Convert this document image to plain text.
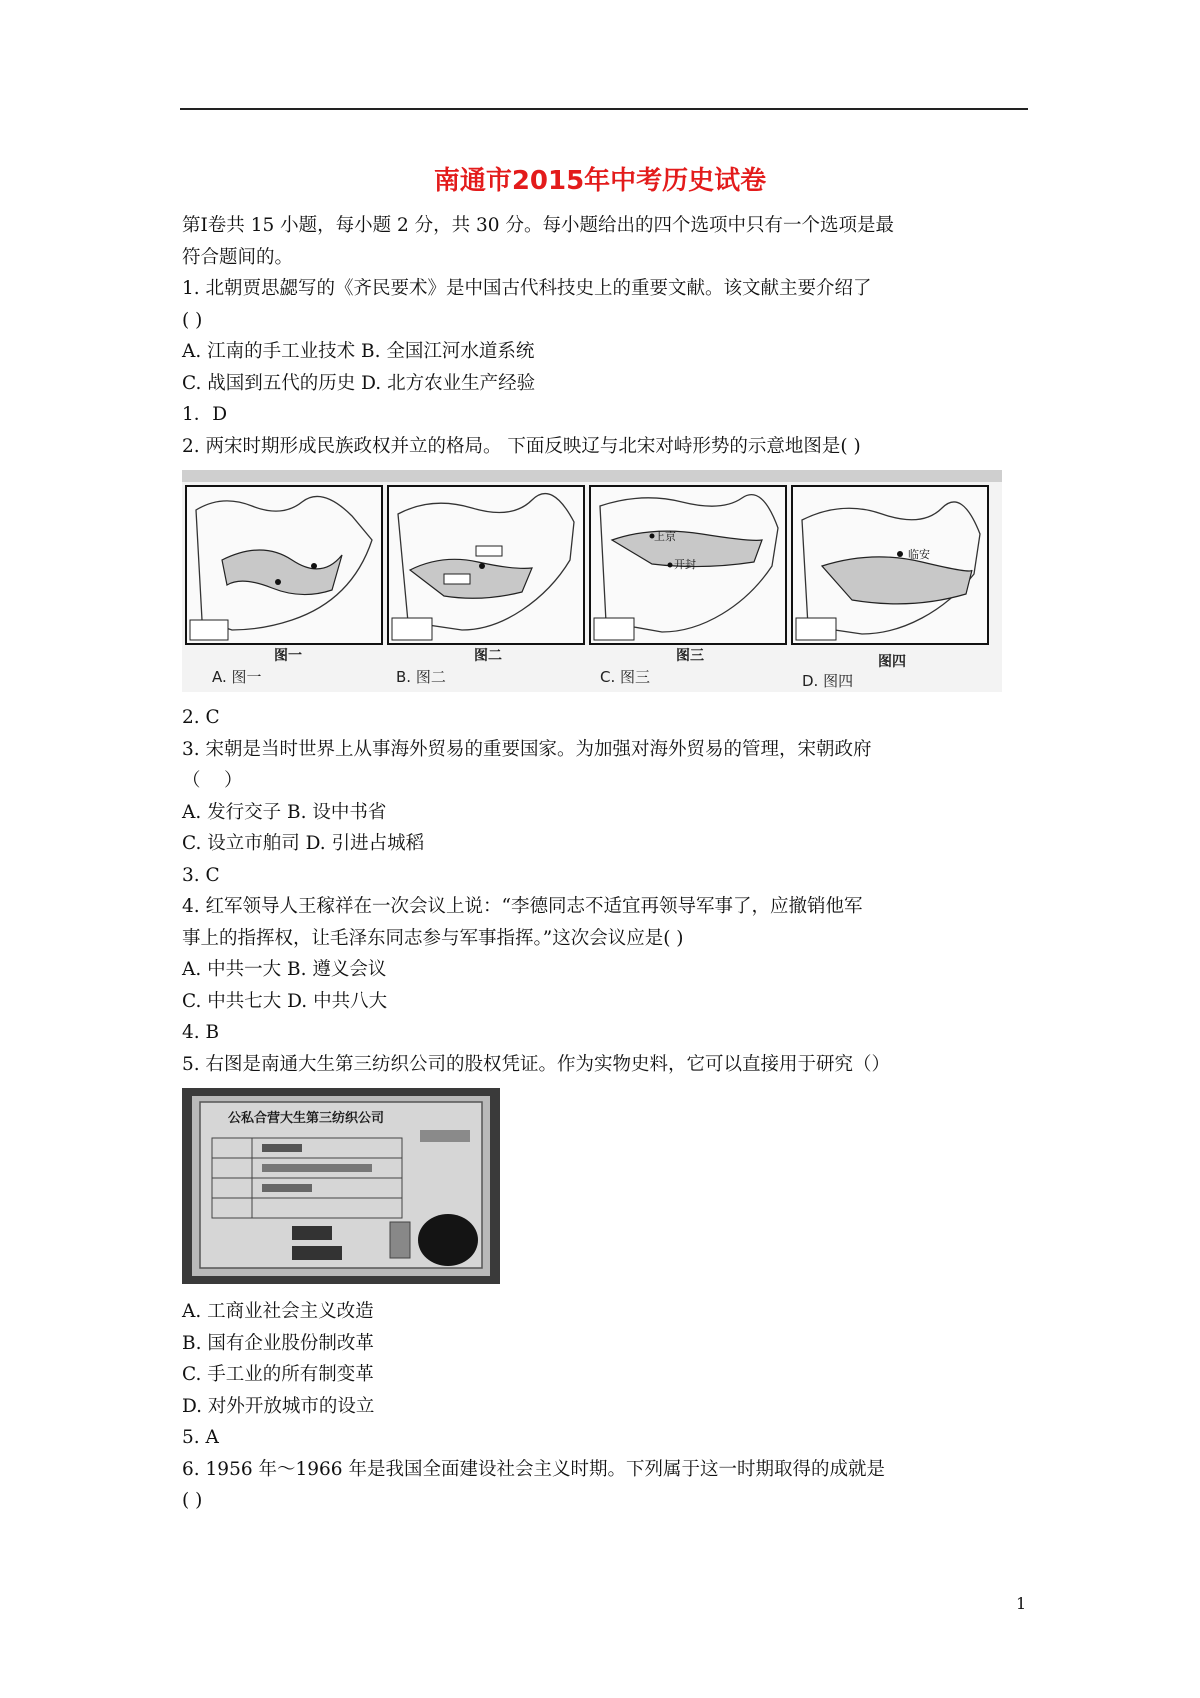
南通市2015年中考历史试卷
第Ⅰ卷共 15 小题，每小题 2 分，共 30 分。每小题给出的四个选项中只有一个选项是最
符合题间的。
1. 北朝贾思勰写的《齐民要术》是中国古代科技史上的重要文献。该文献主要介绍了
( )
A. 江南的手工业技术 B. 全国江河水道系统
C. 战国到五代的历史 D. 北方农业生产经验
1．D
2. 两宋时期形成民族政权并立的格局。 下面反映辽与北宋对峙形势的示意地图是( )
上京
开封
临安
图一	图二	图三	图四
A. 图一	B. 图二	C. 图三	D. 图四
2. C
3. 宋朝是当时世界上从事海外贸易的重要国家。为加强对海外贸易的管理，宋朝政府
（    ）
A. 发行交子 B. 设中书省
C. 设立市舶司 D. 引进占城稻
3. C
4. 红军领导人王稼祥在一次会议上说：“李德同志不适宜再领导军事了，应撤销他军
事上的指挥权，让毛泽东同志参与军事指挥。”这次会议应是( )
A. 中共一大 B. 遵义会议
C. 中共七大 D. 中共八大
4. B
5. 右图是南通大生第三纺织公司的股权凭证。作为实物史料，它可以直接用于研究（）
公私合营大生第三纺织公司
A. 工商业社会主义改造
B. 国有企业股份制改革
C. 手工业的所有制变革
D. 对外开放城市的设立
5. A
6. 1956 年～1966 年是我国全面建设社会主义时期。下列属于这一时期取得的成就是
( )
1
